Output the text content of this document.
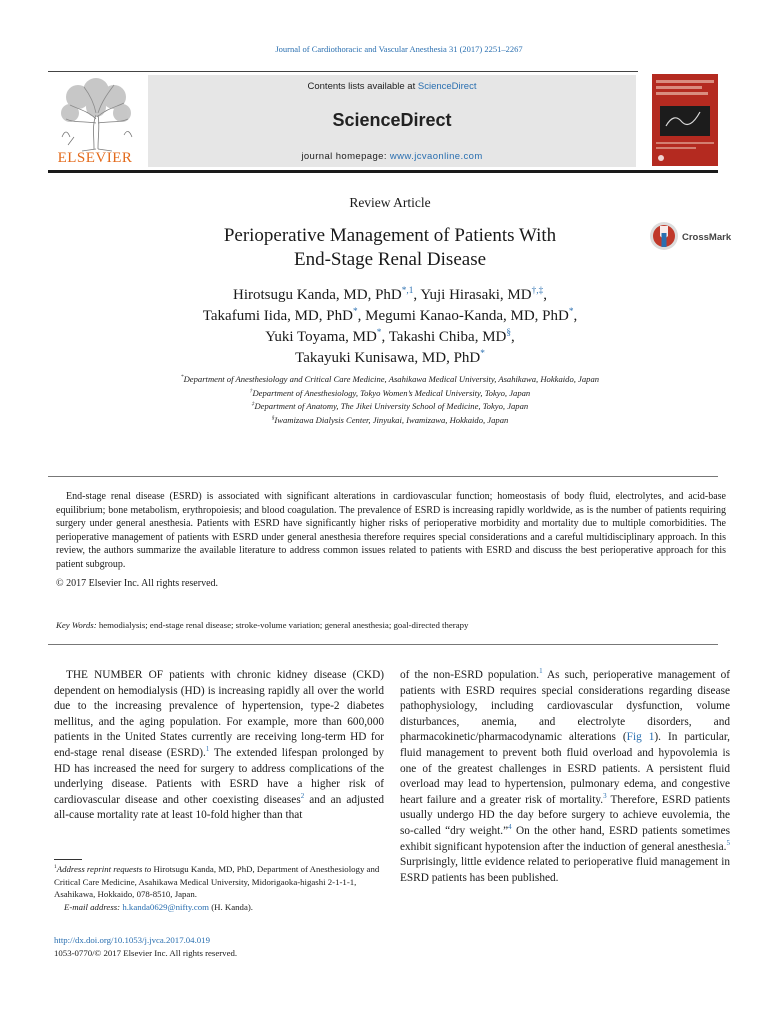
Journal of Cardiothoracic and Vascular Anesthesia 31 (2017) 2251–2267
ELSEVIER
Contents lists available at ScienceDirect
ScienceDirect
journal homepage: www.jcvaonline.com
Review Article
Perioperative Management of Patients With
End-Stage Renal Disease
CrossMark
Hirotsugu Kanda, MD, PhD$^{*,1}$, Yuji Hirasaki, MD†,‡,
Takafumi Iida, MD, PhD*, Megumi Kanao-Kanda, MD, PhD*,
Yuki Toyama, MD*, Takashi Chiba, MD§,
Takayuki Kunisawa, MD, PhD*
*Department of Anesthesiology and Critical Care Medicine, Asahikawa Medical University, Asahikawa, Hokkaido, Japan
†Department of Anesthesiology, Tokyo Women’s Medical University, Tokyo, Japan
‡Department of Anatomy, The Jikei University School of Medicine, Tokyo, Japan
§Iwamizawa Dialysis Center, Jinyukai, Iwamizawa, Hokkaido, Japan
End-stage renal disease (ESRD) is associated with significant alterations in cardiovascular function; homeostasis of body fluid, electrolytes, and acid-base equilibrium; bone metabolism, erythropoiesis; and blood coagulation. The prevalence of ESRD is increasing rapidly worldwide, as is the number of patients requiring surgery under general anesthesia. Patients with ESRD have significantly higher risks of perioperative morbidity and mortality due to multiple comorbidities. The perioperative management of patients with ESRD under general anesthesia therefore requires special considerations and a careful multidisciplinary approach. In this review, the authors summarize the available literature to address common issues related to patients with ESRD and discuss the best perioperative approach for this patient subgroup.
© 2017 Elsevier Inc. All rights reserved.
Key Words: hemodialysis; end-stage renal disease; stroke-volume variation; general anesthesia; goal-directed therapy
THE NUMBER OF patients with chronic kidney disease (CKD) dependent on hemodialysis (HD) is increasing rapidly all over the world due to the increasing prevalence of hypertension, type-2 diabetes mellitus, and the aging population. For example, more than 600,000 patients in the United States currently are receiving long-term HD for end-stage renal disease (ESRD).$^1$ The extended lifespan prolonged by HD has increased the need for surgery to address complications of the underlying disease. Patients with ESRD have a higher risk of cardiovascular disease and other coexisting diseases$^2$ and an adjusted all-cause mortality rate at least 10-fold higher than that
of the non-ESRD population.$^1$ As such, perioperative management of patients with ESRD requires special considerations regarding disease pathophysiology, including cardiovascular dysfunction, volume disturbances, anemia, and electrolyte disorders, and pharmacokinetic/pharmacodynamic alterations (Fig 1). In particular, fluid management to prevent both fluid overload and hypovolemia is one of the greatest challenges in ESRD patients. A persistent fluid overload may lead to hypertension, pulmonary edema, and congestive heart failure and a greater risk of mortality.$^3$ Therefore, ESRD patients usually undergo HD the day before surgery to achieve euvolemia, the so-called “dry weight.”$^4$ On the other hand, ESRD patients sometimes exhibit significant hypotension after the induction of general anesthesia.$^5$ Surprisingly, little evidence related to perioperative fluid management in ESRD patients has been published.
$^1$Address reprint requests to Hirotsugu Kanda, MD, PhD, Department of Anesthesiology and Critical Care Medicine, Asahikawa Medical University, Midorigaoka-higashi 2-1-1-1, Asahikawa, Hokkaido, 078-8510, Japan.
E-mail address: h.kanda0629@nifty.com (H. Kanda).
http://dx.doi.org/10.1053/j.jvca.2017.04.019
1053-0770/© 2017 Elsevier Inc. All rights reserved.
